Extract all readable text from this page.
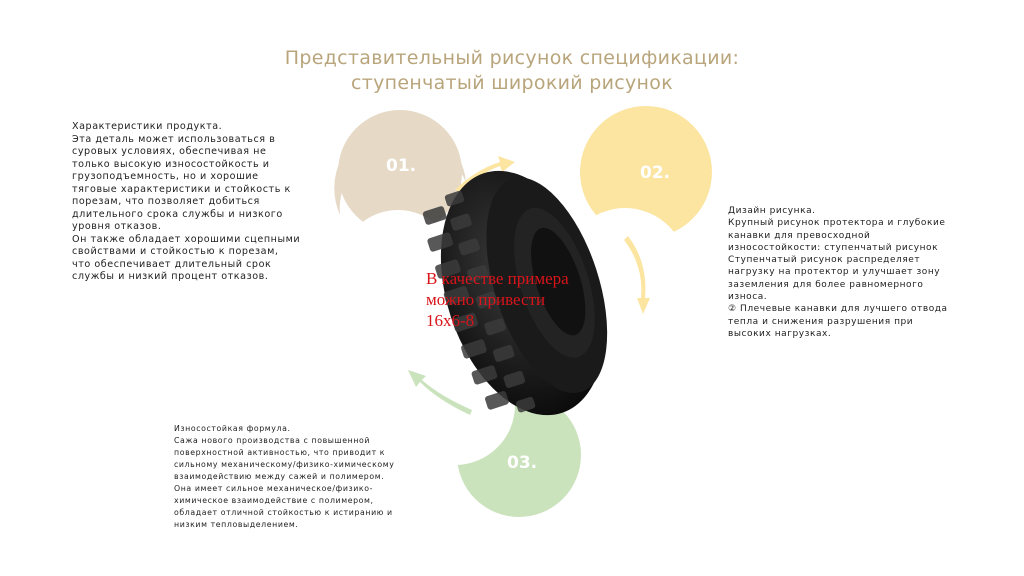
Представительный рисунок спецификации:
ступенчатый широкий рисунок
01.	02.
03.
Характеристики продукта.
Эта деталь может использоваться в
суровых условиях, обеспечивая не
только высокую износостойкость и
грузоподъемность, но и хорошие
тяговые характеристики и стойкость к
порезам, что позволяет добиться
длительного срока службы и низкого
уровня отказов.
Он также обладает хорошими сцепными
свойствами и стойкостью к порезам,
что обеспечивает длительный срок
службы и низкий процент отказов.
Дизайн рисунка.
Крупный рисунок протектора и глубокие
канавки для превосходной
износостойкости: ступенчатый рисунок
Ступенчатый рисунок распределяет
нагрузку на протектор и улучшает зону
заземления для более равномерного
износа.
② Плечевые канавки для лучшего отвода
тепла и снижения разрушения при
высоких нагрузках.
Износостойкая формула.
Сажа нового производства с повышенной
поверхностной активностью, что приводит к
сильному механическому/физико-химическому
взаимодействию между сажей и полимером.
Она имеет сильное механическое/физико-
химическое взаимодействие с полимером,
обладает отличной стойкостью к истиранию и
низким тепловыделением.
В качестве примера
можно привести
16x6-8
